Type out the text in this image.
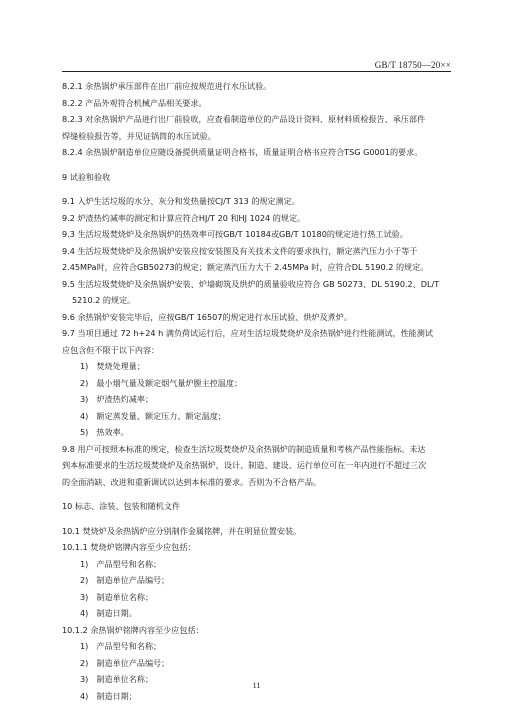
GB/T 18750—20××

8.2.1 余热锅炉承压部件在出厂前应按规范进行水压试验。

8.2.2 产品外观符合机械产品相关要求。

8.2.3 对余热锅炉产品进行出厂前验收，应查看制造单位的产品设计资料、原材料质检报告、承压部件

焊缝检验报告等，并见证锅筒的水压试验。

8.2.4 余热锅炉制造单位应随设备提供质量证明合格书，质量证明合格书应符合TSG G0001的要求。

9 试验和验收

9.1 入炉生活垃圾的水分、灰分和发热量按CJ/T 313 的规定测定。

9.2 炉渣热灼减率的测定和计算应符合HJ/T 20 和HJ 1024 的规定。

9.3 生活垃圾焚烧炉及余热锅炉的热效率可按GB/T 10184或GB/T 10180的规定进行热工试验。

9.4 生活垃圾焚烧炉及余热锅炉安装应按安装图及有关技术文件的要求执行，额定蒸汽压力小于等于

2.45MPa时，应符合GB50273的规定；额定蒸汽压力大于 2.45MPa 时，应符合DL 5190.2 的规定。

9.5 生活垃圾焚烧炉及余热锅炉安装、炉墙砌筑及烘炉的质量验收应符合 GB 50273、DL 5190.2、DL/T

5210.2 的规定。

9.6 余热锅炉安装完毕后，应按GB/T 16507的规定进行水压试验、烘炉及煮炉。

9.7 当项目通过 72 h+24 h 满负荷试运行后，应对生活垃圾焚烧炉及余热锅炉进行性能测试，性能测试

应包含但不限于以下内容：

1)　焚烧处理量；

2)　最小烟气量及额定烟气量炉膛主控温度；

3)　炉渣热灼减率；

4)　额定蒸发量、额定压力、额定温度；

5)　热效率。

9.8 用户可按照本标准的规定，检查生活垃圾焚烧炉及余热锅炉的制造质量和考核产品性能指标。未达

到本标准要求的生活垃圾焚烧炉及余热锅炉，设计、制造、建设、运行单位可在一年内进行不超过三次

的全面消缺、改进和重新调试以达到本标准的要求。否则为不合格产品。

10 标志、涂装、包装和随机文件

10.1 焚烧炉及余热锅炉应分别制作金属铭牌，并在明显位置安装。

10.1.1 焚烧炉铭牌内容至少应包括：

1)　产品型号和名称；

2)　制造单位产品编号；

3)　制造单位名称；

4)　制造日期。

10.1.2 余热锅炉铭牌内容至少应包括：

1)　产品型号和名称；

2)　制造单位产品编号；

3)　制造单位名称；

4)　制造日期；

11
